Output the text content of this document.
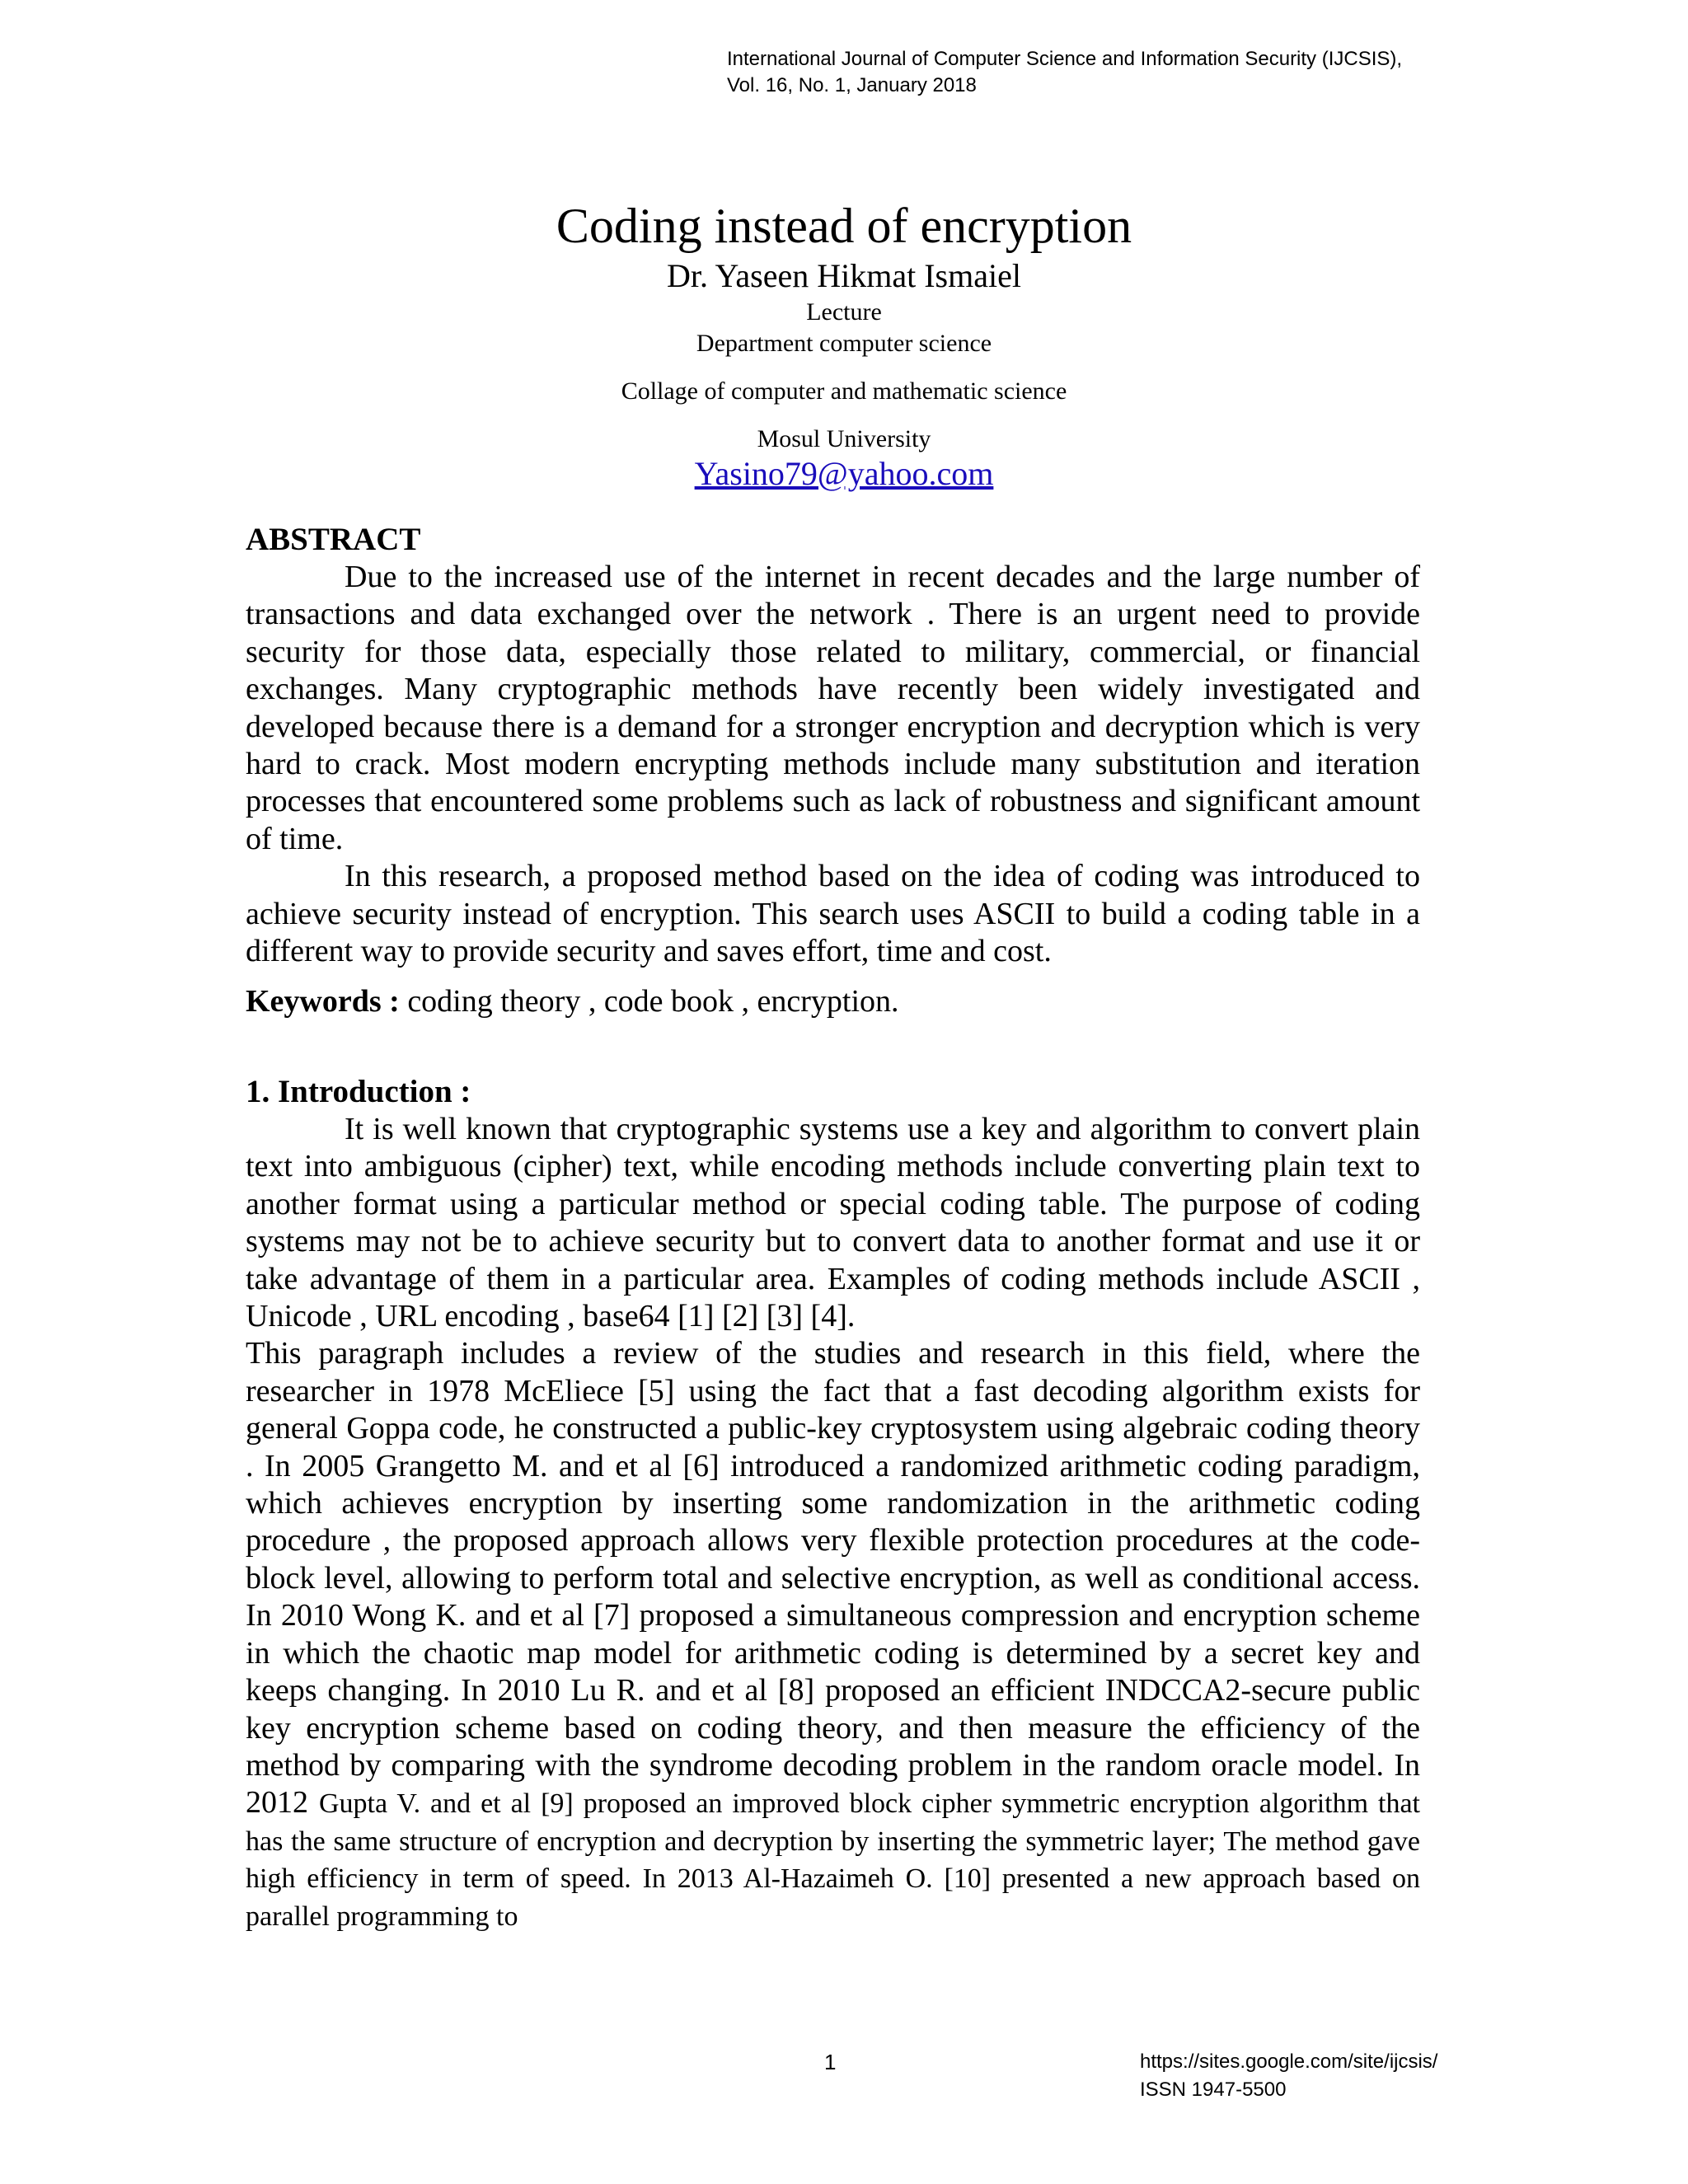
International Journal of Computer Science and Information Security (IJCSIS),
Vol. 16, No. 1, January 2018
Coding instead of encryption
Dr. Yaseen Hikmat Ismaiel
Lecture
Department computer science
Collage of computer and mathematic science
Mosul University
Yasino79@yahoo.com
ABSTRACT

Due to the increased use of the internet in recent decades and the large number of transactions and data exchanged over the network . There is an urgent need to provide security for those data, especially those related to military, commercial, or financial exchanges. Many cryptographic methods have recently been widely investigated and developed because there is a demand for a stronger encryption and decryption which is very hard to crack. Most modern encrypting methods include many substitution and iteration processes that encountered some problems such as lack of robustness and significant amount of time.

In this research, a proposed method based on the idea of coding was introduced to achieve security instead of encryption. This search uses ASCII to build a coding table in a different way to provide security and saves effort, time and cost.

Keywords : coding theory , code book , encryption.

1. Introduction :

It is well known that cryptographic systems use a key and algorithm to convert plain text into ambiguous (cipher) text, while encoding methods include converting plain text to another format using a particular method or special coding table. The purpose of coding systems may not be to achieve security but to convert data to another format and use it or take advantage of them in a particular area. Examples of coding methods include ASCII , Unicode , URL encoding , base64 [1] [2] [3] [4].

This paragraph includes a review of the studies and research in this field, where the researcher in 1978 McEliece [5] using the fact that a fast decoding algorithm exists for general Goppa code, he constructed a public-key cryptosystem using algebraic coding theory . In 2005 Grangetto M. and et al [6] introduced a randomized arithmetic coding paradigm, which achieves encryption by inserting some randomization in the arithmetic coding procedure , the proposed approach allows very flexible protection procedures at the code-block level, allowing to perform total and selective encryption, as well as conditional access. In 2010 Wong K. and et al [7] proposed a simultaneous compression and encryption scheme in which the chaotic map model for arithmetic coding is determined by a secret key and keeps changing. In 2010 Lu R. and et al [8] proposed an efficient INDCCA2-secure public key encryption scheme based on coding theory, and then measure the efficiency of the method by comparing with the syndrome decoding problem in the random oracle model. In 2012 Gupta V. and et al [9] proposed an improved block cipher symmetric encryption algorithm that has the same structure of encryption and decryption by inserting the symmetric layer; The method gave high efficiency in term of speed. In 2013 Al-Hazaimeh O. [10] presented a new approach based on parallel programming to

1	https://sites.google.com/site/ijcsis/
ISSN 1947-5500
